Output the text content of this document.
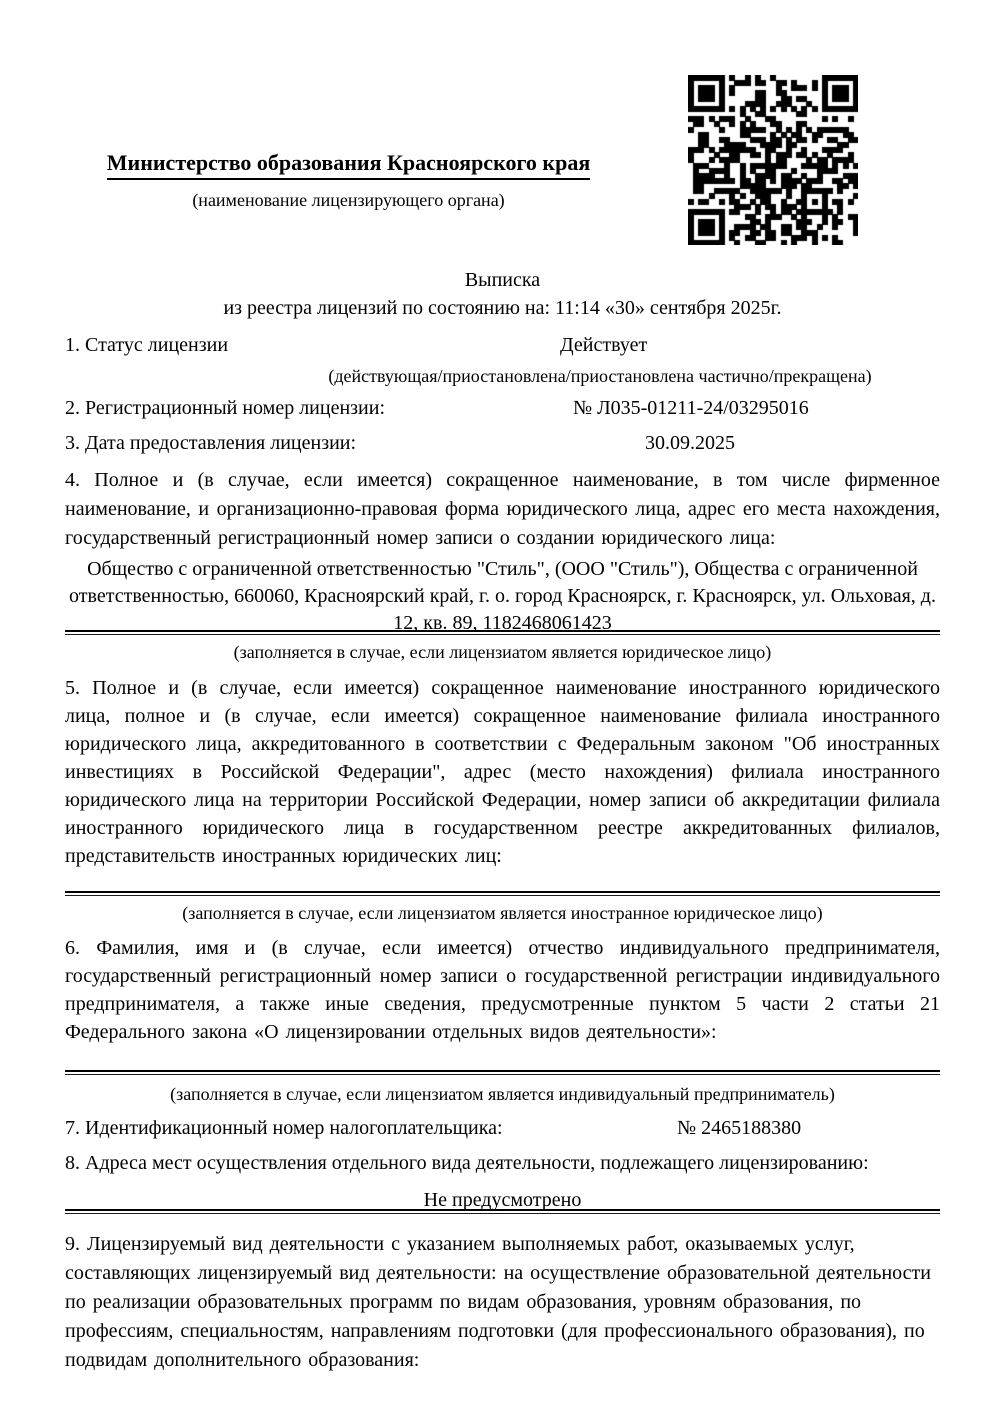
Министерство образования Красноярского края
(наименование лицензирующего органа)
Выписка
из реестра лицензий по состоянию на: 11:14 «30» сентября 2025г.
1. Статус лицензии	Действует
(действующая/приостановлена/приостановлена частично/прекращена)
2. Регистрационный номер лицензии:	№ Л035-01211-24/03295016
3. Дата предоставления лицензии:	30.09.2025
4. Полное и (в случае, если имеется) сокращенное наименование, в том числе фирменное наименование, и организационно-правовая форма юридического лица, адрес его места нахождения, государственный регистрационный номер записи о создании юридического лица:
Общество с ограниченной ответственностью "Стиль", (ООО "Стиль"), Общества с ограниченной ответственностью, 660060, Красноярский край, г. о. город Красноярск, г. Красноярск, ул. Ольховая, д. 12, кв. 89, 1182468061423
(заполняется в случае, если лицензиатом является юридическое лицо)
5. Полное и (в случае, если имеется) сокращенное наименование иностранного юридического лица, полное и (в случае, если имеется) сокращенное наименование филиала иностранного юридического лица, аккредитованного в соответствии с Федеральным законом "Об иностранных инвестициях в Российской Федерации", адрес (место нахождения) филиала иностранного юридического лица на территории Российской Федерации, номер записи об аккредитации филиала иностранного юридического лица в государственном реестре аккредитованных филиалов, представительств иностранных юридических лиц:
(заполняется в случае, если лицензиатом является иностранное юридическое лицо)
6. Фамилия, имя и (в случае, если имеется) отчество индивидуального предпринимателя, государственный регистрационный номер записи о государственной регистрации индивидуального предпринимателя, а также иные сведения, предусмотренные пунктом 5 части 2 статьи 21 Федерального закона «О лицензировании отдельных видов деятельности»:
(заполняется в случае, если лицензиатом является индивидуальный предприниматель)
7. Идентификационный номер налогоплательщика:	№ 2465188380
8. Адреса мест осуществления отдельного вида деятельности, подлежащего лицензированию:
Не предусмотрено
9. Лицензируемый вид деятельности с указанием выполняемых работ, оказываемых услуг, составляющих лицензируемый вид деятельности: на осуществление образовательной деятельности по реализации образовательных программ по видам образования, уровням образования, по профессиям, специальностям, направлениям подготовки (для профессионального образования), по подвидам дополнительного образования:
